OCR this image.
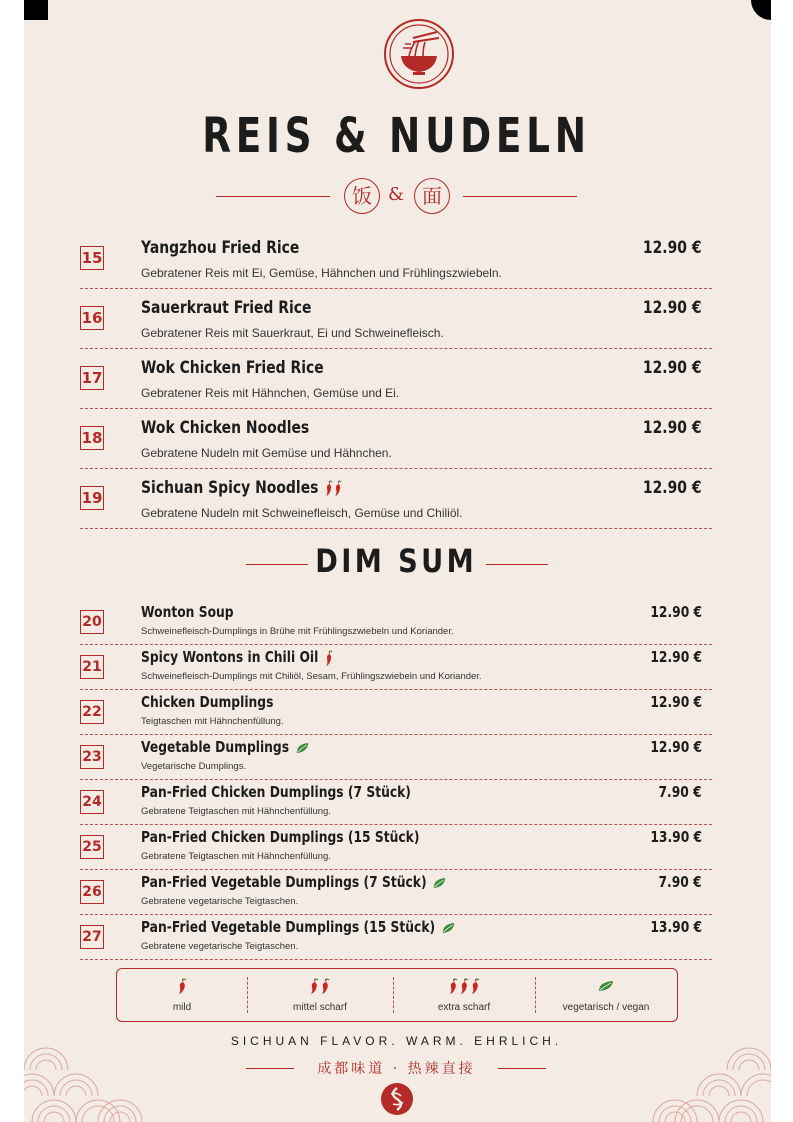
REIS & NUDELN
饭 & 面
15 Yangzhou Fried Rice
Gebratener Reis mit Ei, Gemüse, Hähnchen und Frühlingszwiebeln.
12.90 €
16 Sauerkraut Fried Rice
Gebratener Reis mit Sauerkraut, Ei und Schweinefleisch.
12.90 €
17 Wok Chicken Fried Rice
Gebratener Reis mit Hähnchen, Gemüse und Ei.
12.90 €
18 Wok Chicken Noodles
Gebratene Nudeln mit Gemüse und Hähnchen.
12.90 €
19 Sichuan Spicy Noodles
Gebratene Nudeln mit Schweinefleisch, Gemüse und Chiliöl.
12.90 €
DIM SUM
20
Wonton Soup
Schweinefleisch-Dumplings in Brühe mit Frühlingszwiebeln und Koriander.
12.90 €
21
Spicy Wontons in Chili Oil
Schweinefleisch-Dumplings mit Chiliöl, Sesam, Frühlingszwiebeln und Koriander.
12.90 €
22
Chicken Dumplings
Teigtaschen mit Hähnchenfüllung.
12.90 €
23
Vegetable Dumplings
Vegetarische Dumplings.
12.90 €
24
Pan-Fried Chicken Dumplings (7 Stück)
Gebratene Teigtaschen mit Hähnchenfüllung.
7.90 €
25
Pan-Fried Chicken Dumplings (15 Stück)
Gebratene Teigtaschen mit Hähnchenfüllung.
13.90 €
26
Pan-Fried Vegetable Dumplings (7 Stück)
Gebratene vegetarische Teigtaschen.
7.90 €
27
Pan-Fried Vegetable Dumplings (15 Stück)
Gebratene vegetarische Teigtaschen.
13.90 €
mild	mittel scharf	extra scharf	vegetarisch / vegan
SICHUAN FLAVOR. WARM. EHRLICH.
成都味道 · 热辣直接
